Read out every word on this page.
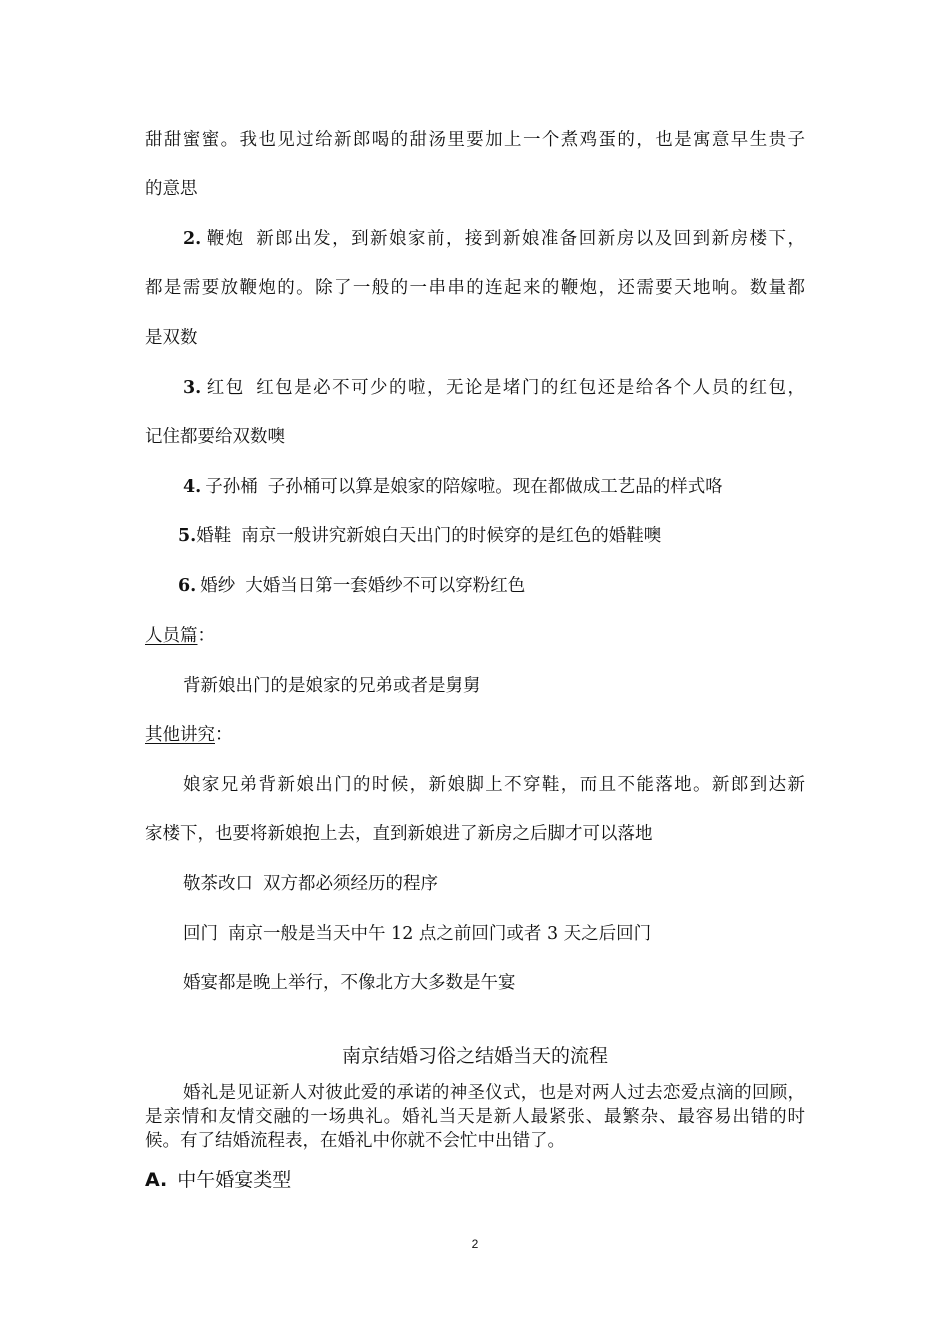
甜甜蜜蜜。我也见过给新郎喝的甜汤里要加上一个煮鸡蛋的，也是寓意早生贵子
的意思
2. 鞭炮 新郎出发，到新娘家前，接到新娘准备回新房以及回到新房楼下，
都是需要放鞭炮的。除了一般的一串串的连起来的鞭炮，还需要天地响。数量都
是双数
3. 红包 红包是必不可少的啦，无论是堵门的红包还是给各个人员的红包，
记住都要给双数噢
4. 子孙桶 子孙桶可以算是娘家的陪嫁啦。现在都做成工艺品的样式咯
5.婚鞋 南京一般讲究新娘白天出门的时候穿的是红色的婚鞋噢
6. 婚纱 大婚当日第一套婚纱不可以穿粉红色
人员篇：
背新娘出门的是娘家的兄弟或者是舅舅
其他讲究：
娘家兄弟背新娘出门的时候，新娘脚上不穿鞋，而且不能落地。新郎到达新
家楼下，也要将新娘抱上去，直到新娘进了新房之后脚才可以落地
敬茶改口 双方都必须经历的程序
回门 南京一般是当天中午 12 点之前回门或者 3 天之后回门
婚宴都是晚上举行，不像北方大多数是午宴
南京结婚习俗之结婚当天的流程
婚礼是见证新人对彼此爱的承诺的神圣仪式，也是对两人过去恋爱点滴的回顾，是亲情和友情交融的一场典礼。婚礼当天是新人最紧张、最繁杂、最容易出错的时候。有了结婚流程表，在婚礼中你就不会忙中出错了。
A. 中午婚宴类型
2
